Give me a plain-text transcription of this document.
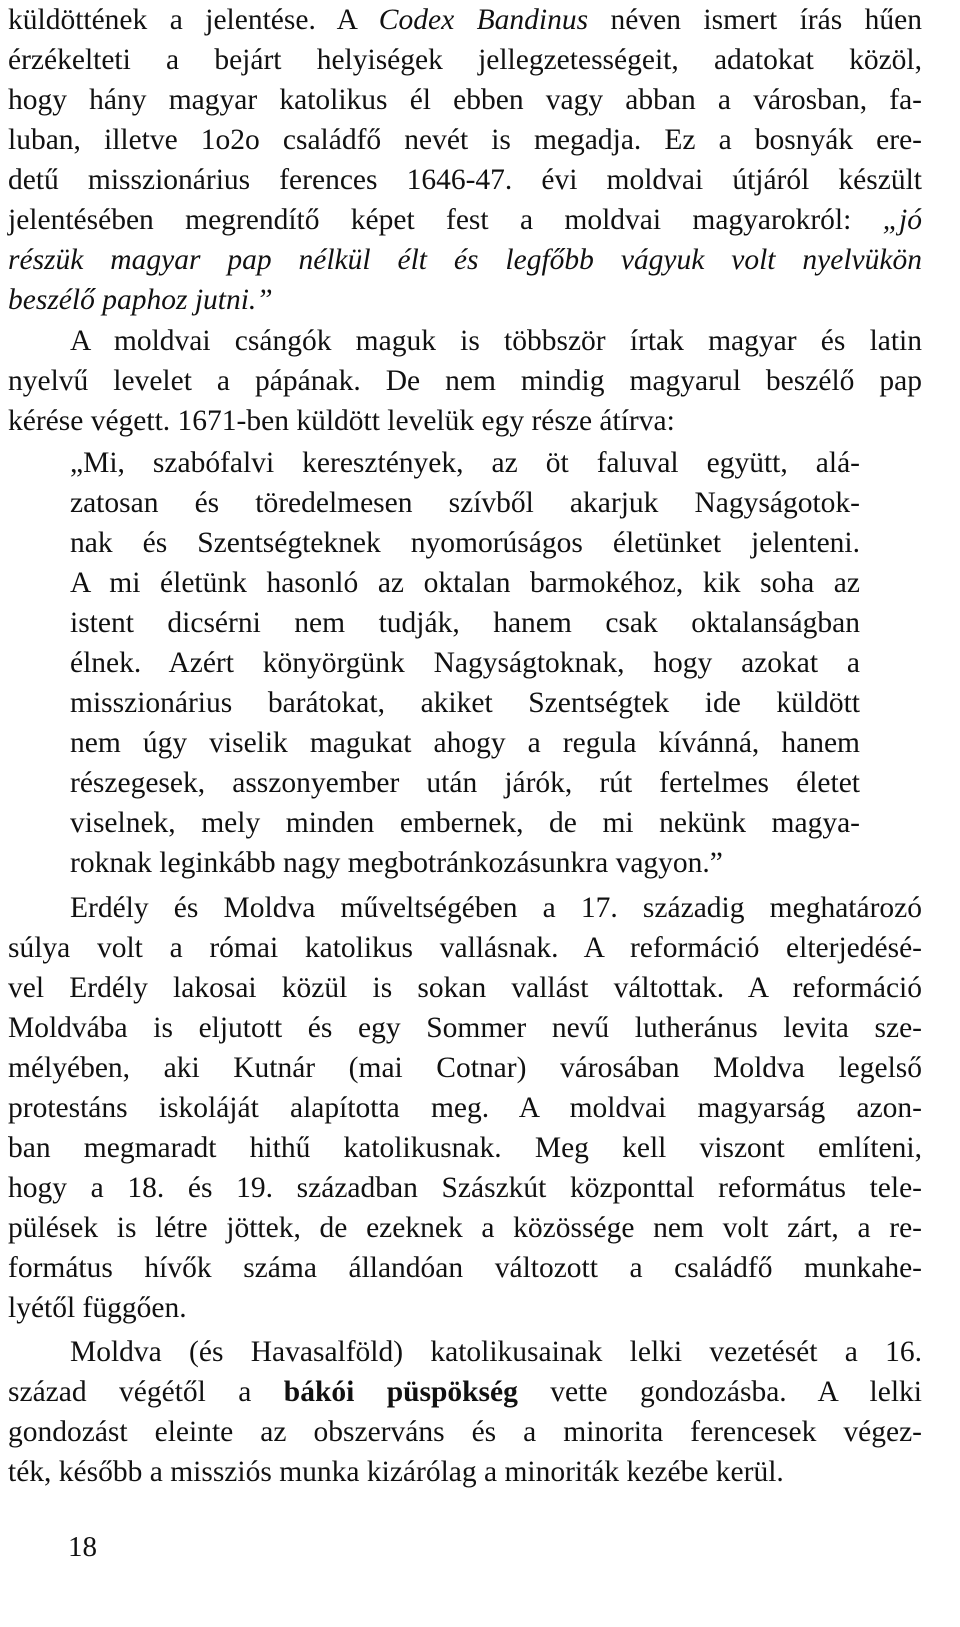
küldöttének a jelentése. A Codex Bandinus néven ismert írás hűen
érzékelteti a bejárt helyiségek jellegzetességeit, adatokat közöl,
hogy hány magyar katolikus él ebben vagy abban a városban, fa-
luban, illetve 1o2o családfő nevét is megadja. Ez a bosnyák ere-
detű misszionárius ferences 1646-47. évi moldvai útjáról készült
jelentésében megrendítő képet fest a moldvai magyarokról: „jó
részük magyar pap nélkül élt és legfőbb vágyuk volt nyelvükön
beszélő paphoz jutni.”
A moldvai csángók maguk is többször írtak magyar és latin
nyelvű levelet a pápának. De nem mindig magyarul beszélő pap
kérése végett. 1671-ben küldött levelük egy része átírva:
„Mi, szabófalvi keresztények, az öt faluval együtt, alá-
zatosan és töredelmesen szívből akarjuk Nagyságotok-
nak és Szentségteknek nyomorúságos életünket jelenteni.
A mi életünk hasonló az oktalan barmokéhoz, kik soha az
istent dicsérni nem tudják, hanem csak oktalanságban
élnek. Azért könyörgünk Nagyságtoknak, hogy azokat a
misszionárius barátokat, akiket Szentségtek ide küldött
nem úgy viselik magukat ahogy a regula kívánná, hanem
részegesek, asszonyember után járók, rút fertelmes életet
viselnek, mely minden embernek, de mi nekünk magya-
roknak leginkább nagy megbotránkozásunkra vagyon.”
Erdély és Moldva műveltségében a 17. századig meghatározó
súlya volt a római katolikus vallásnak. A reformáció elterjedésé-
vel Erdély lakosai közül is sokan vallást váltottak. A reformáció
Moldvába is eljutott és egy Sommer nevű lutheránus levita sze-
mélyében, aki Kutnár (mai Cotnar) városában Moldva legelső
protestáns iskoláját alapította meg. A moldvai magyarság azon-
ban megmaradt hithű katolikusnak. Meg kell viszont említeni,
hogy a 18. és 19. században Szászkút központtal református tele-
pülések is létre jöttek, de ezeknek a közössége nem volt zárt, a re-
formátus hívők száma állandóan változott a családfő munkahe-
lyétől függően.
Moldva (és Havasalföld) katolikusainak lelki vezetését a 16.
század végétől a bákói püspökség vette gondozásba. A lelki
gondozást eleinte az obszerváns és a minorita ferencesek végez-
ték, később a missziós munka kizárólag a minoriták kezébe kerül.
18
